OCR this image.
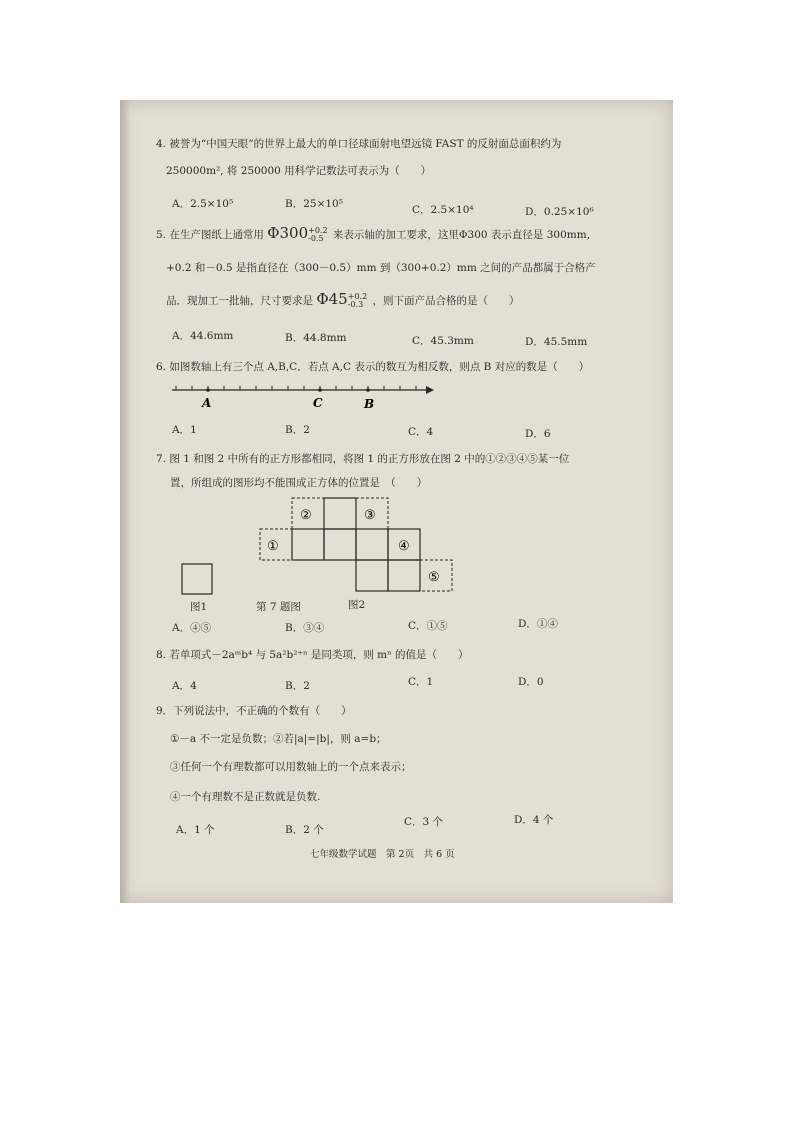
4. 被誉为“中国天眼”的世界上最大的单口径球面射电望远镜 FAST 的反射面总面积约为
250000m², 将 250000 用科学记数法可表示为（　　）
A．2.5×10⁵	B．25×10⁵	C．2.5×10⁴	D．0.25×10⁶
5. 在生产图纸上通常用 Φ300 +0.2
-0.5 来表示轴的加工要求，这里Φ300 表示直径是 300mm,
+0.2 和－0.5 是指直径在（300－0.5）mm 到（300+0.2）mm 之间的产品都属于合格产
品．现加工一批轴，尺寸要求是 Φ45 +0.2
-0.3 ，则下面产品合格的是（　　）
A．44.6mm	B．44.8mm	C．45.3mm	D．45.5mm
6. 如图数轴上有三个点 A,B,C．若点 A,C 表示的数互为相反数，则点 B 对应的数是（　　）
A	C	B
A．1	B．2	C．4	D．6
7. 图 1 和图 2 中所有的正方形都相同，将图 1 的正方形放在图 2 中的①②③④⑤某一位
置，所组成的图形均不能围成正方体的位置是　（　　）
①
②	③
④
⑤
图1	第 7 题图	图2
A．④⑤	B．③④	C．①⑤	D．①④
8. 若单项式－2aᵐb⁴ 与 5a²b²⁺ⁿ 是同类项，则 mⁿ 的值是（　　）
A．4	B．2	C．1	D．0
9．下列说法中，不正确的个数有（　　）
①－a 不一定是负数；②若|a|=|b|，则 a=b；
③任何一个有理数都可以用数轴上的一个点来表示；
④一个有理数不是正数就是负数.
A．1 个	B．2 个
C．3 个	D．4 个
七年级数学试题　第 2页　共 6 页
